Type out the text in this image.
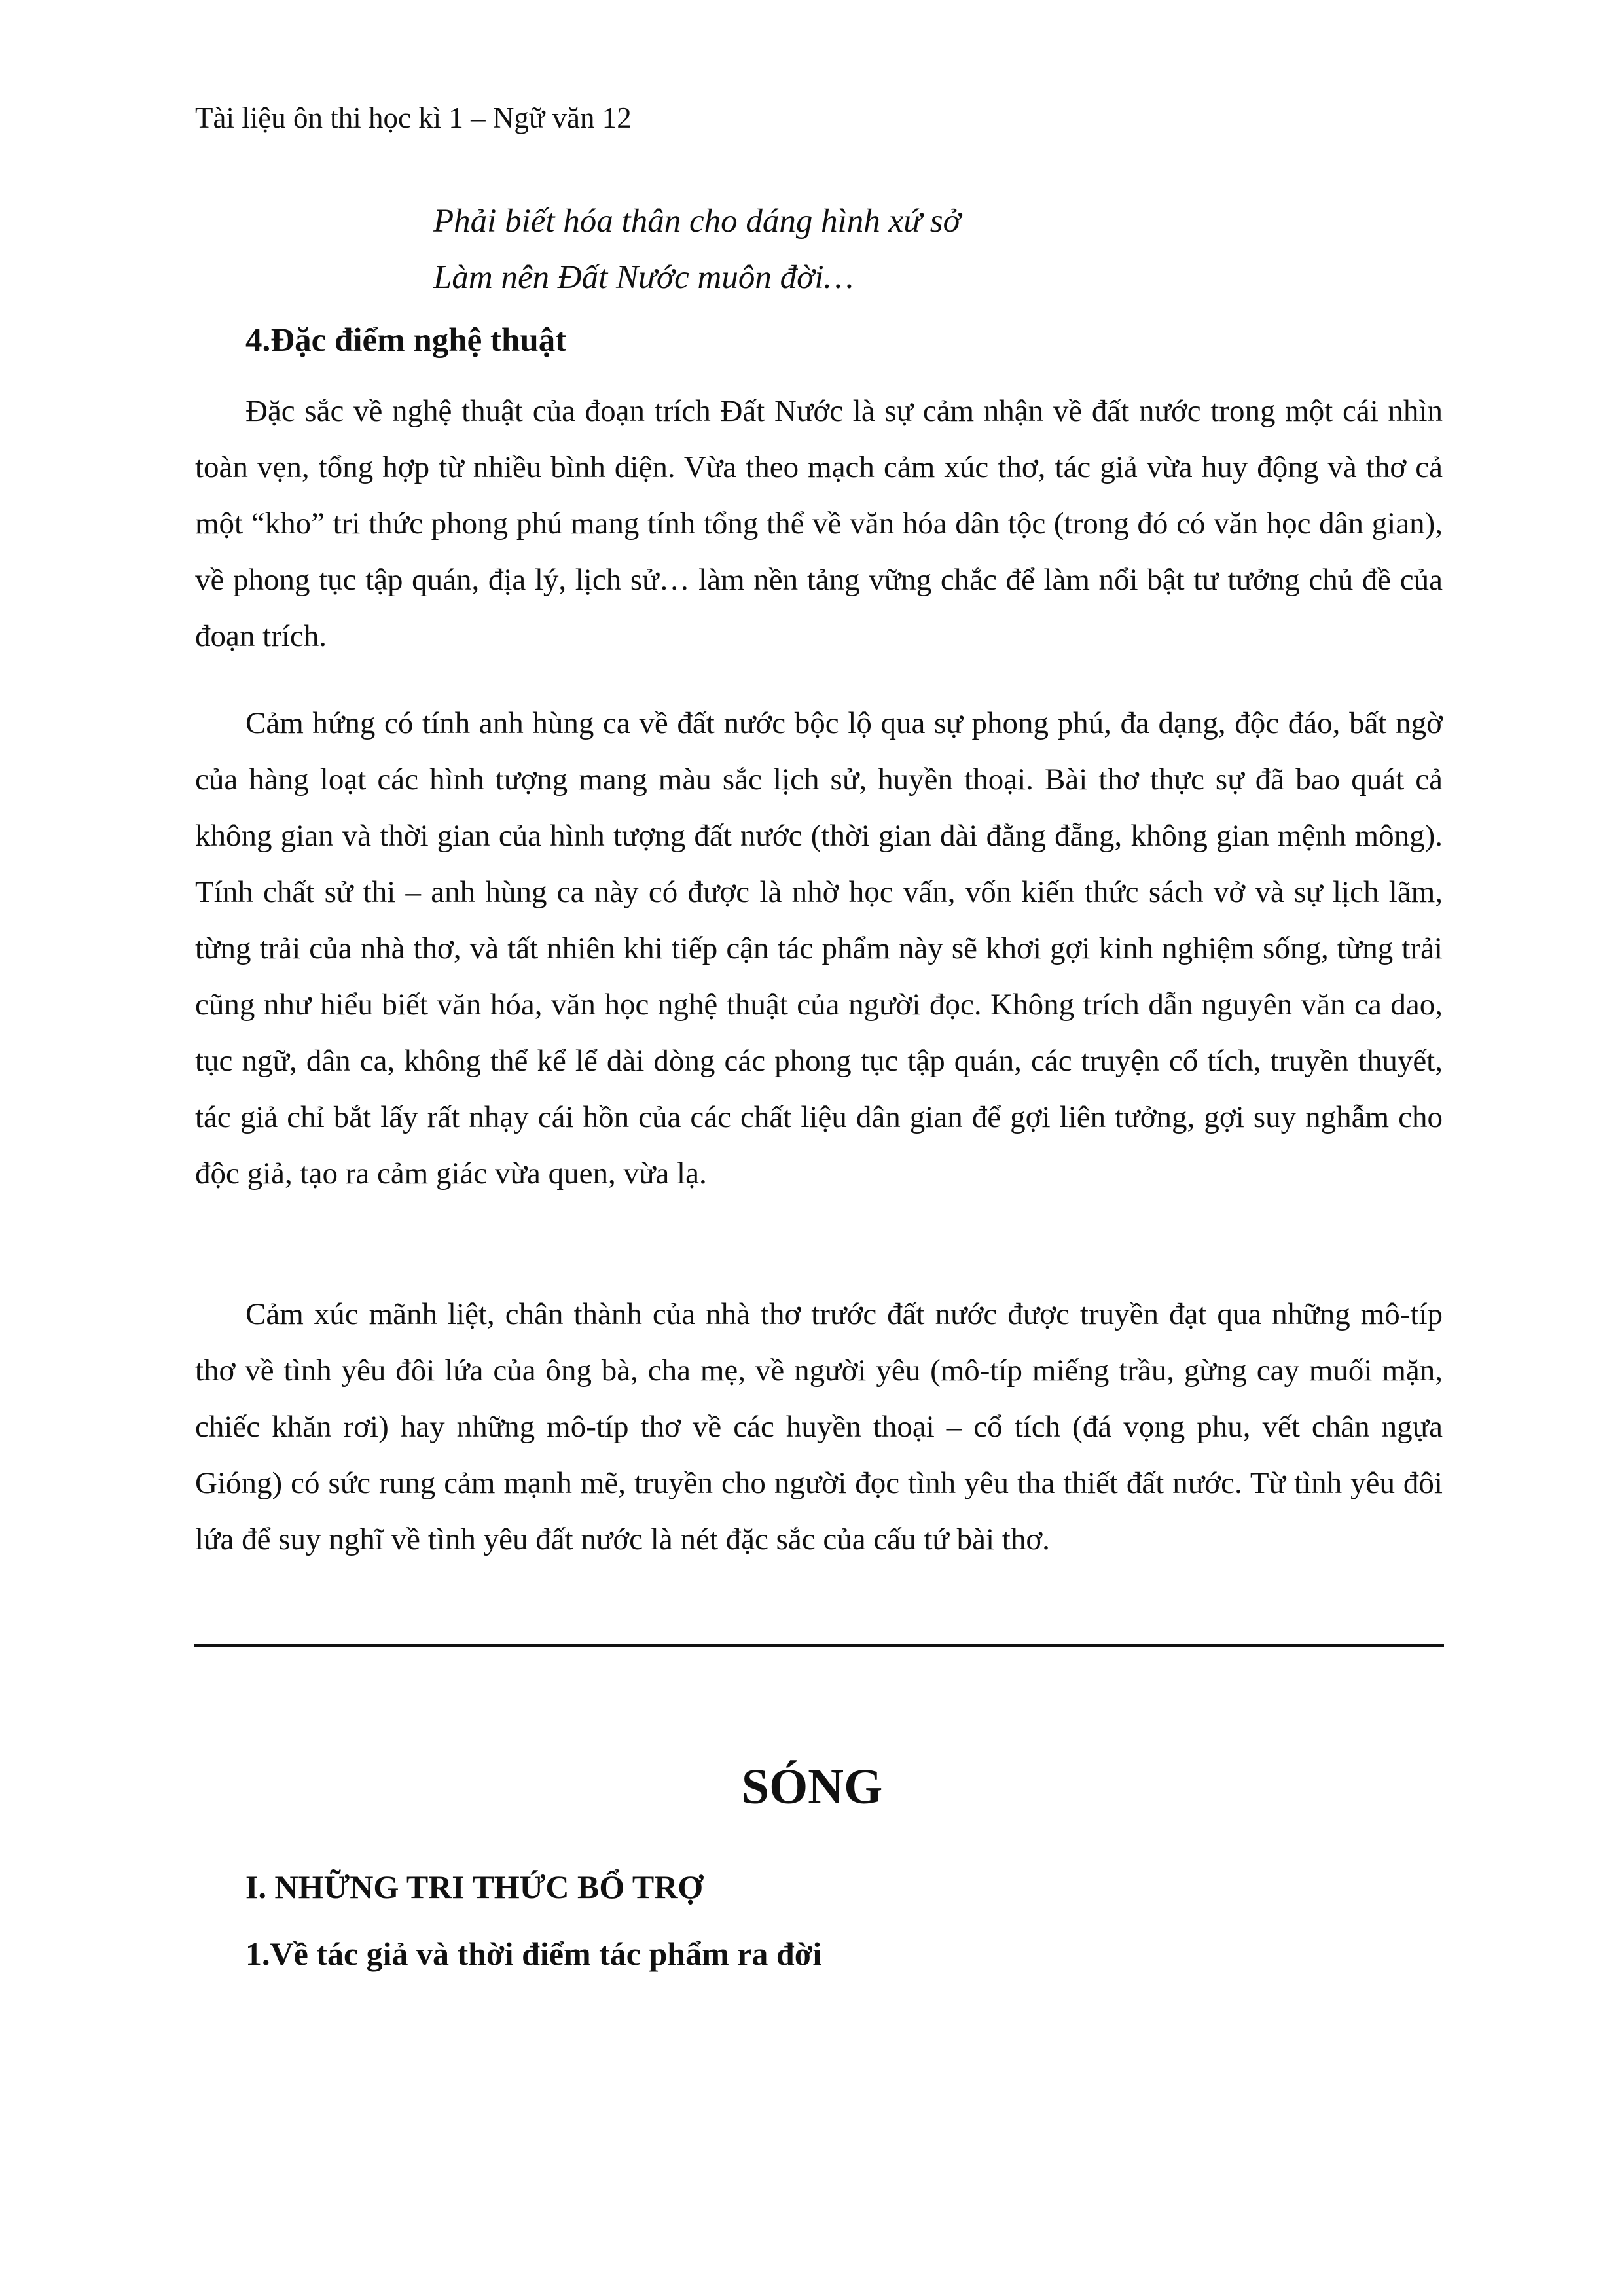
Tài liệu ôn thi học kì 1 – Ngữ văn 12
Phải biết hóa thân cho dáng hình xứ sở
Làm nên Đất Nước muôn đời…
4.Đặc điểm nghệ thuật

Đặc sắc về nghệ thuật của đoạn trích Đất Nước là sự cảm nhận về đất nước trong một cái nhìn toàn vẹn, tổng hợp từ nhiều bình diện. Vừa theo mạch cảm xúc thơ, tác giả vừa huy động và thơ cả một “kho” tri thức phong phú mang tính tổng thể về văn hóa dân tộc (trong đó có văn học dân gian), về phong tục tập quán, địa lý, lịch sử… làm nền tảng vững chắc để làm nổi bật tư tưởng chủ đề của đoạn trích.

Cảm hứng có tính anh hùng ca về đất nước bộc lộ qua sự phong phú, đa dạng, độc đáo, bất ngờ của hàng loạt các hình tượng mang màu sắc lịch sử, huyền thoại. Bài thơ thực sự đã bao quát cả không gian và thời gian của hình tượng đất nước (thời gian dài đằng đẵng, không gian mệnh mông). Tính chất sử thi – anh hùng ca này có được là nhờ học vấn, vốn kiến thức sách vở và sự lịch lãm, từng trải của nhà thơ, và tất nhiên khi tiếp cận tác phẩm này sẽ khơi gợi kinh nghiệm sống, từng trải cũng như hiểu biết văn hóa, văn học nghệ thuật của người đọc. Không trích dẫn nguyên văn ca dao, tục ngữ, dân ca, không thể kể lể dài dòng các phong tục tập quán, các truyện cổ tích, truyền thuyết, tác giả chỉ bắt lấy rất nhạy cái hồn của các chất liệu dân gian để gợi liên tưởng, gợi suy nghẫm cho độc giả, tạo ra cảm giác vừa quen, vừa lạ.

Cảm xúc mãnh liệt, chân thành của nhà thơ trước đất nước được truyền đạt qua những mô-típ thơ về tình yêu đôi lứa của ông bà, cha mẹ, về người yêu (mô-típ miếng trầu, gừng cay muối mặn, chiếc khăn rơi) hay những mô-típ thơ về các huyền thoại – cổ tích (đá vọng phu, vết chân ngựa Gióng) có sức rung cảm mạnh mẽ, truyền cho người đọc tình yêu tha thiết đất nước. Từ tình yêu đôi lứa để suy nghĩ về tình yêu đất nước là nét đặc sắc của cấu tứ bài thơ.

SÓNG
I. NHỮNG TRI THỨC BỔ TRỢ
1.Về tác giả và thời điểm tác phẩm ra đời
